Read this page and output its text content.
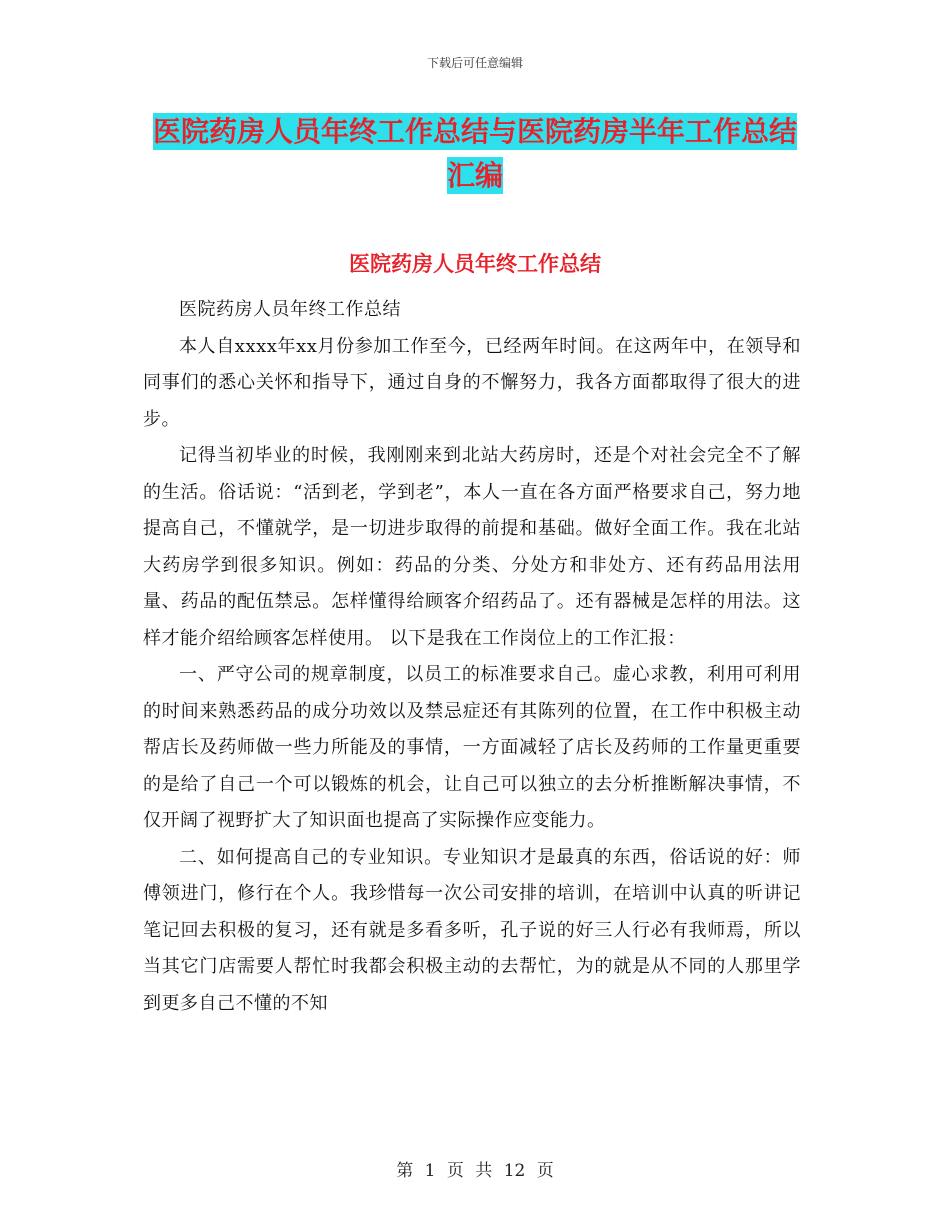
下载后可任意编辑
医院药房人员年终工作总结与医院药房半年工作总结汇编
医院药房人员年终工作总结

医院药房人员年终工作总结

本人自xxxx年xx月份参加工作至今，已经两年时间。在这两年中，在领导和同事们的悉心关怀和指导下，通过自身的不懈努力，我各方面都取得了很大的进步。

记得当初毕业的时候，我刚刚来到北站大药房时，还是个对社会完全不了解的生活。俗话说：“活到老，学到老”，本人一直在各方面严格要求自己，努力地提高自己，不懂就学，是一切进步取得的前提和基础。做好全面工作。我在北站大药房学到很多知识。例如：药品的分类、分处方和非处方、还有药品用法用量、药品的配伍禁忌。怎样懂得给顾客介绍药品了。还有器械是怎样的用法。这样才能介绍给顾客怎样使用。 以下是我在工作岗位上的工作汇报：

一、严守公司的规章制度，以员工的标准要求自己。虚心求教，利用可利用的时间来熟悉药品的成分功效以及禁忌症还有其陈列的位置，在工作中积极主动帮店长及药师做一些力所能及的事情，一方面减轻了店长及药师的工作量更重要的是给了自己一个可以锻炼的机会，让自己可以独立的去分析推断解决事情，不仅开阔了视野扩大了知识面也提高了实际操作应变能力。

二、如何提高自己的专业知识。专业知识才是最真的东西，俗话说的好：师傅领进门，修行在个人。我珍惜每一次公司安排的培训，在培训中认真的听讲记笔记回去积极的复习，还有就是多看多听，孔子说的好三人行必有我师焉，所以当其它门店需要人帮忙时我都会积极主动的去帮忙，为的就是从不同的人那里学到更多自己不懂的不知

第 1 页 共 12 页
